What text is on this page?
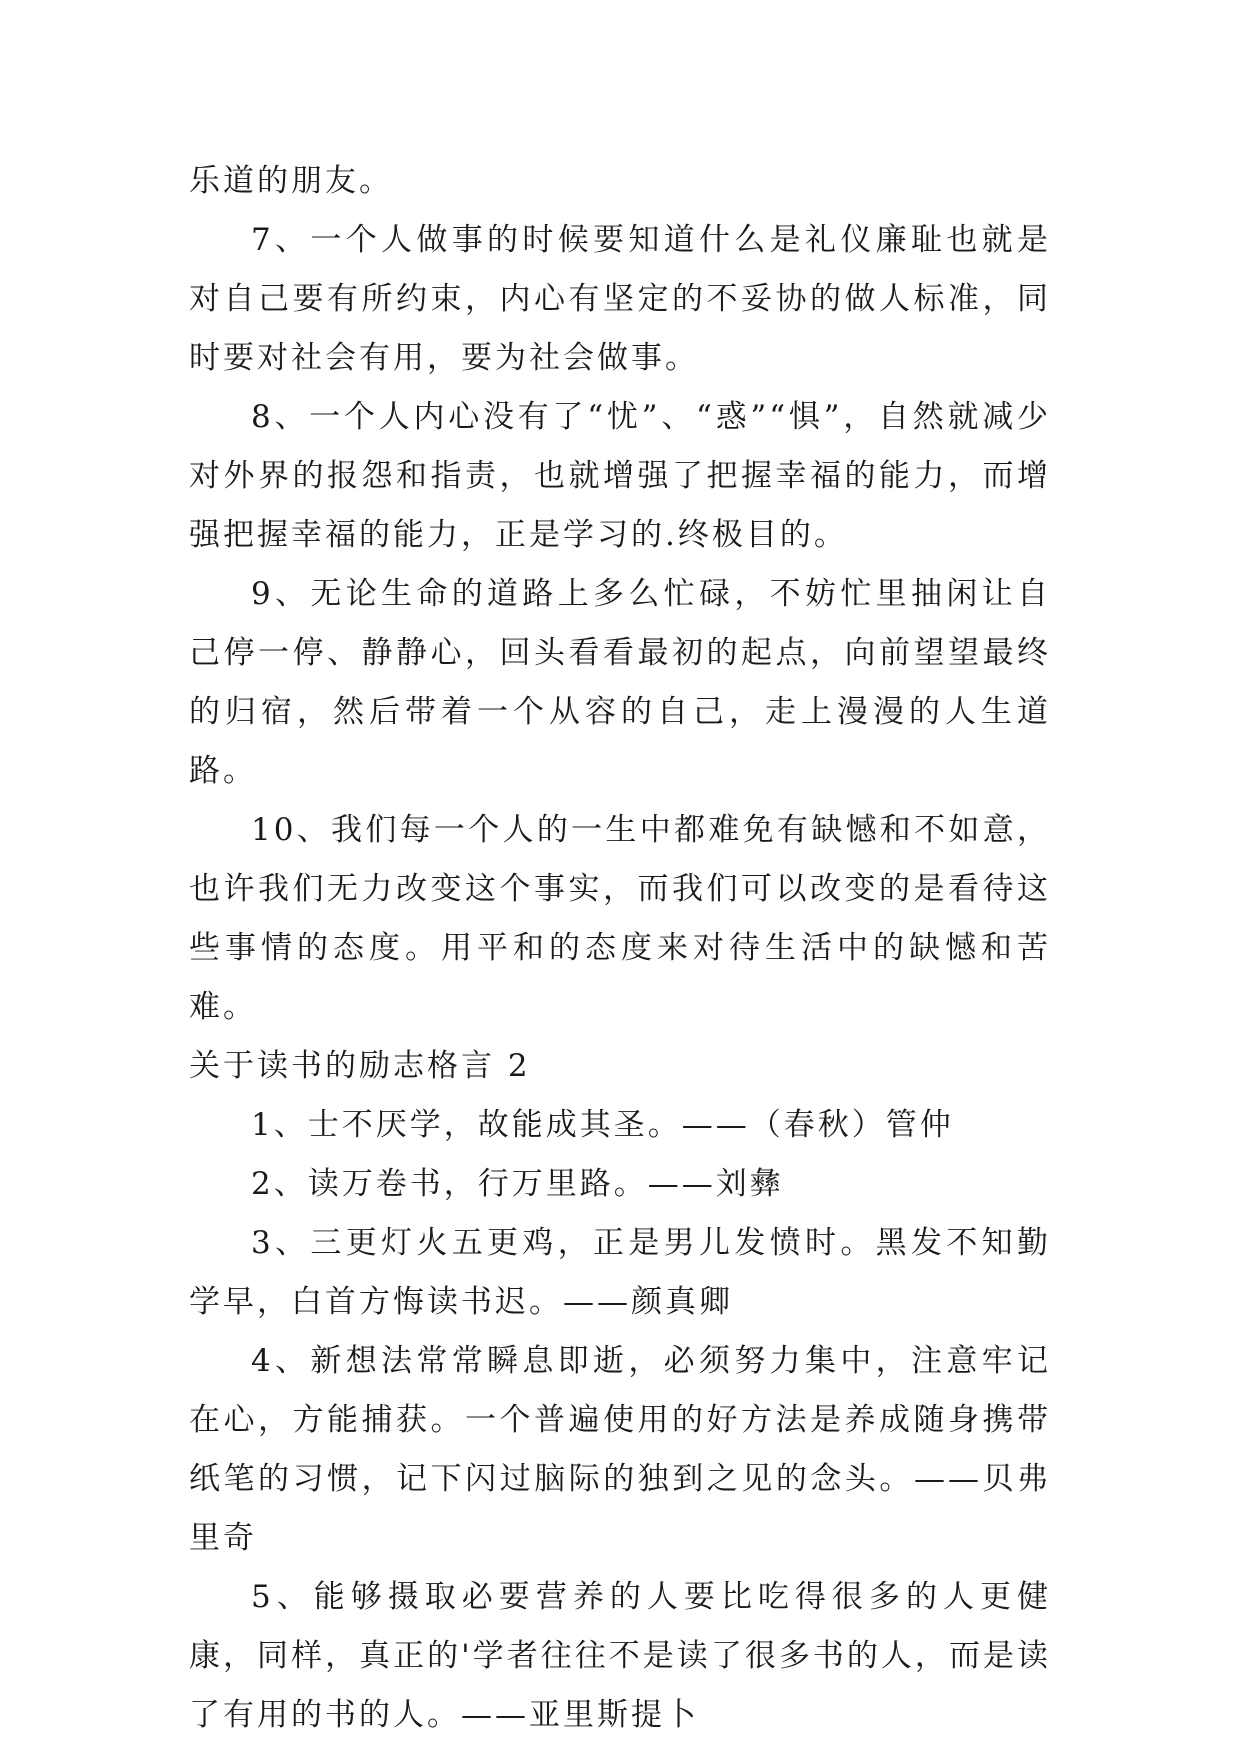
乐道的朋友。

7、一个人做事的时候要知道什么是礼仪廉耻也就是对自己要有所约束，内心有坚定的不妥协的做人标准，同时要对社会有用，要为社会做事。

8、一个人内心没有了“忧”、“惑”“惧”，自然就减少对外界的报怨和指责，也就增强了把握幸福的能力，而增强把握幸福的能力，正是学习的.终极目的。

9、无论生命的道路上多么忙碌，不妨忙里抽闲让自己停一停、静静心，回头看看最初的起点，向前望望最终的归宿，然后带着一个从容的自己，走上漫漫的人生道路。

10、我们每一个人的一生中都难免有缺憾和不如意，也许我们无力改变这个事实，而我们可以改变的是看待这些事情的态度。用平和的态度来对待生活中的缺憾和苦难。

关于读书的励志格言 2

1、士不厌学，故能成其圣。——（春秋）管仲

2、读万卷书，行万里路。——刘彝

3、三更灯火五更鸡，正是男儿发愤时。黑发不知勤学早，白首方悔读书迟。——颜真卿

4、新想法常常瞬息即逝，必须努力集中，注意牢记在心，方能捕获。一个普遍使用的好方法是养成随身携带纸笔的习惯，记下闪过脑际的独到之见的念头。——贝弗里奇

5、能够摄取必要营养的人要比吃得很多的人更健康，同样，真正的'学者往往不是读了很多书的人，而是读了有用的书的人。——亚里斯提卜
